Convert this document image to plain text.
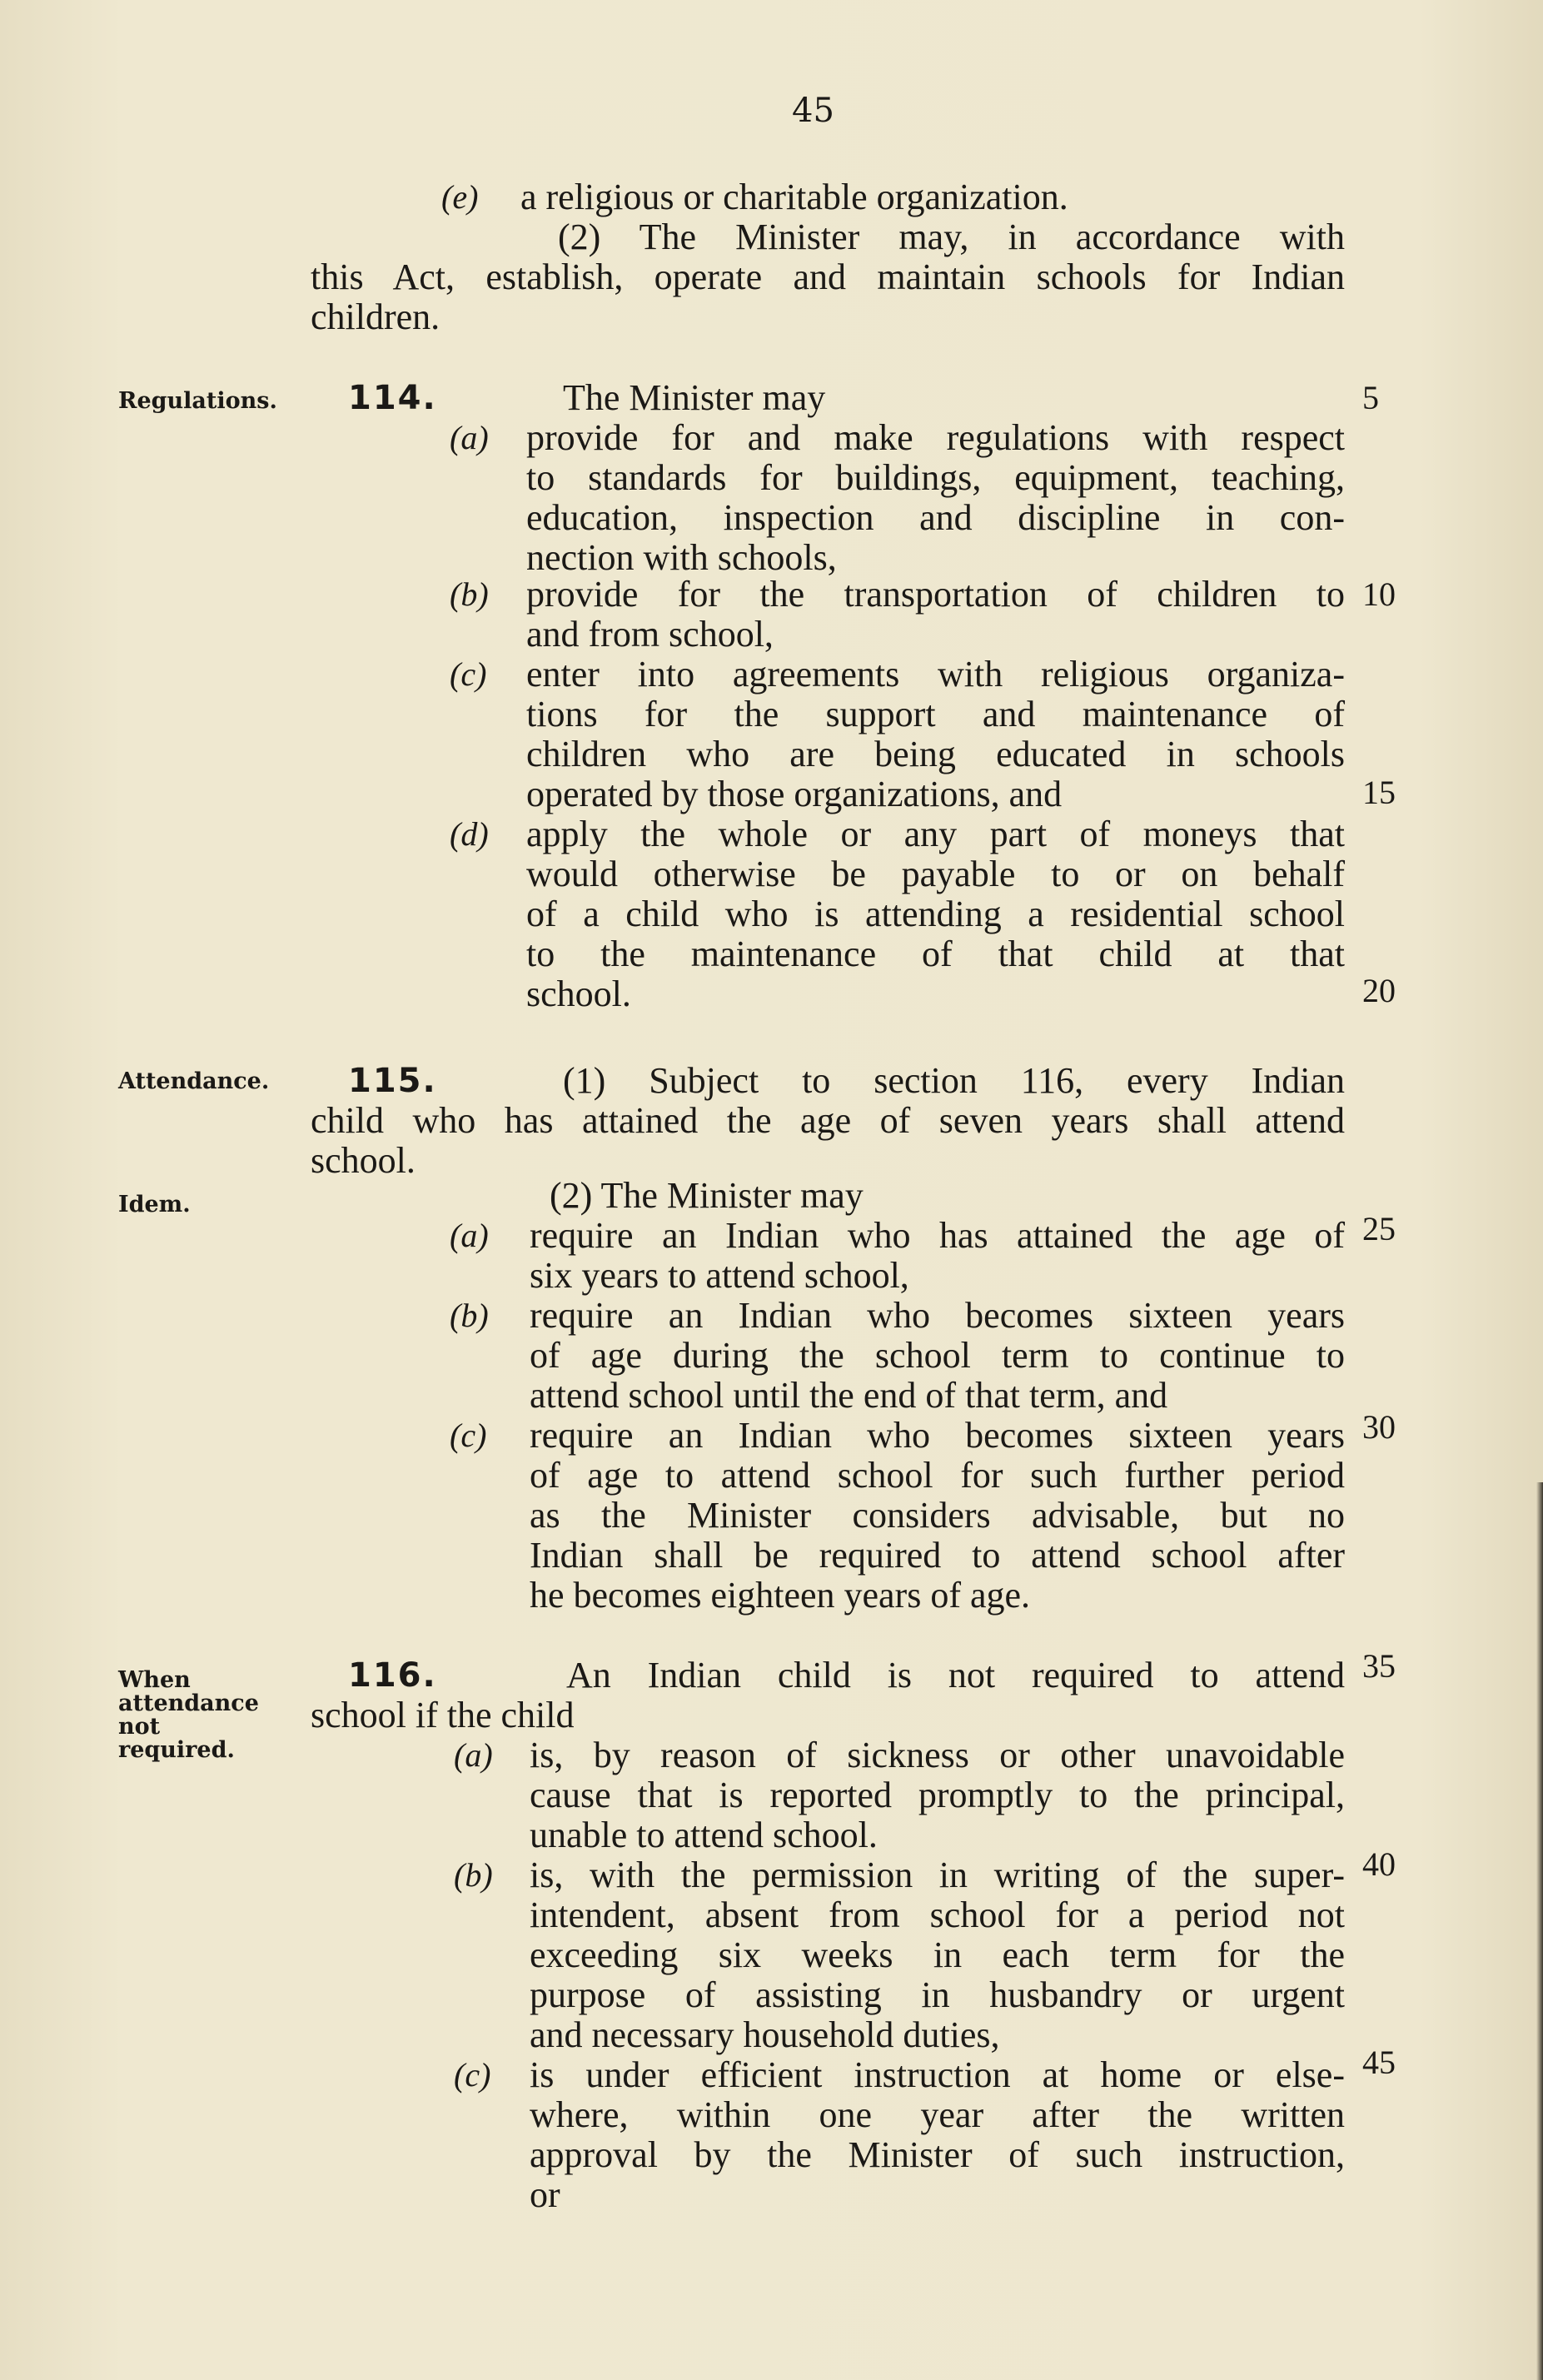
45
Regulations.
Attendance.
Idem.
When
attendance
not
required.
5
10
15
20
25
30
35
40
45
(e) a religious or charitable organization.
(2) The Minister may, in accordance with
this Act, establish, operate and maintain schools for Indian
children.
114.	The Minister may
(a) provide for and make regulations with respect
to standards for buildings, equipment, teaching,
education, inspection and discipline in con-
nection with schools,
(b) provide for the transportation of children to
and from school,
(c) enter into agreements with religious organiza-
tions for the support and maintenance of
children who are being educated in schools
operated by those organizations, and
(d) apply the whole or any part of moneys that
would otherwise be payable to or on behalf
of a child who is attending a residential school
to the maintenance of that child at that
school.
115.	(1) Subject to section 116, every Indian
child who has attained the age of seven years shall attend
school.
(2) The Minister may
(a) require an Indian who has attained the age of
six years to attend school,
(b) require an Indian who becomes sixteen years
of age during the school term to continue to
attend school until the end of that term, and
(c) require an Indian who becomes sixteen years
of age to attend school for such further period
as the Minister considers advisable, but no
Indian shall be required to attend school after
he becomes eighteen years of age.
116.	An Indian child is not required to attend
school if the child
(a) is, by reason of sickness or other unavoidable
cause that is reported promptly to the principal,
unable to attend school.
(b) is, with the permission in writing of the super-
intendent, absent from school for a period not
exceeding six weeks in each term for the
purpose of assisting in husbandry or urgent
and necessary household duties,
(c) is under efficient instruction at home or else-
where, within one year after the written
approval by the Minister of such instruction,
or
